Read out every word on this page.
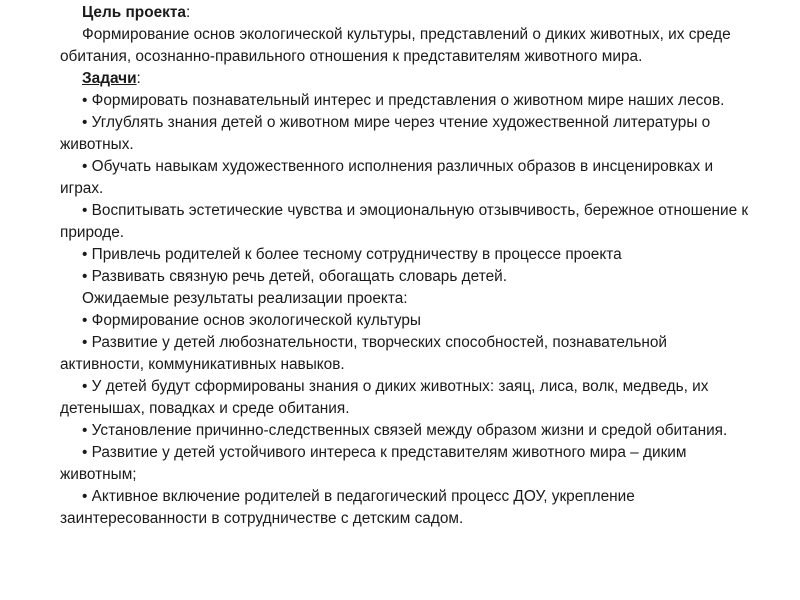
Цель проекта:

Формирование основ экологической культуры, представлений о диких животных, их среде обитания, осознанно-правильного отношения к представителям животного мира.

Задачи:

• Формировать познавательный интерес и представления о животном мире наших лесов.

• Углублять знания детей о животном мире через чтение художественной литературы о животных.

• Обучать навыкам художественного исполнения различных образов в инсценировках и играх.

• Воспитывать эстетические чувства и эмоциональную отзывчивость, бережное отношение к природе.

• Привлечь родителей к более тесному сотрудничеству в процессе проекта

• Развивать связную речь детей, обогащать словарь детей.

Ожидаемые результаты реализации проекта:

• Формирование основ экологической культуры

• Развитие у детей любознательности, творческих способностей, познавательной активности, коммуникативных навыков.

• У детей будут сформированы знания о диких животных: заяц, лиса, волк, медведь, их детенышах, повадках и среде обитания.

• Установление причинно-следственных связей между образом жизни и средой обитания.

• Развитие у детей устойчивого интереса к представителям животного мира – диким животным;

• Активное включение родителей в педагогический процесс ДОУ, укрепление заинтересованности в сотрудничестве с детским садом.
